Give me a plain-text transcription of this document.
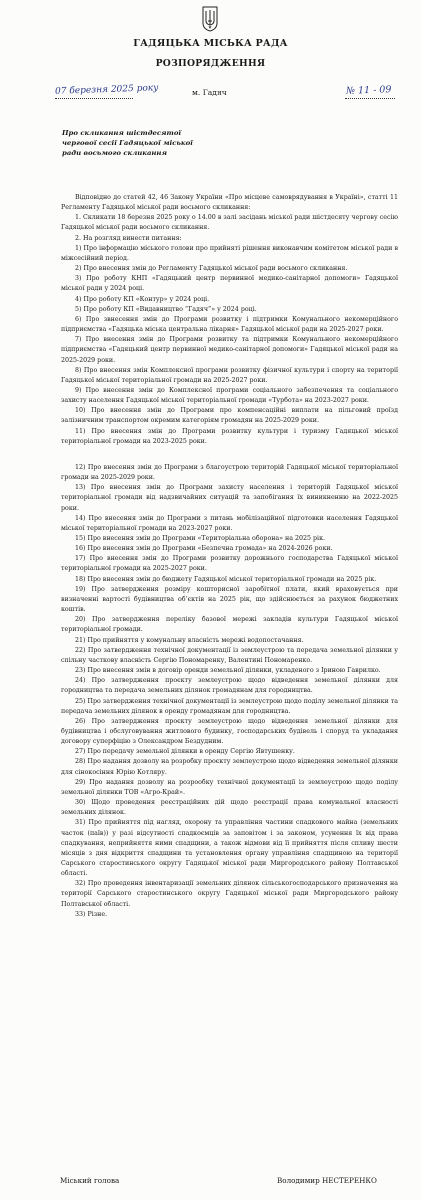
ГАДЯЦЬКА МІСЬКА РАДА
РОЗПОРЯДЖЕННЯ
07 березня 2025 року	м. Гадяч	№ 11 - 09
Про скликання шістдесятої
чергової сесії Гадяцької міської
ради восьмого скликання

Відповідно до статей 42, 46 Закону України «Про місцеве самоврядування в Україні», статті 11 Регламенту Гадяцької міської ради восьмого скликання:

1. Скликати 18 березня 2025 року о 14.00 в залі засідань міської ради шістдесяту чергову сесію Гадяцької міської ради восьмого скликання.

2. На розгляд винести питання:

1) Про інформацію міського голови про прийняті рішення виконавчим комітетом міської ради в міжсесійний період.

2) Про внесення змін до Регламенту Гадяцької міської ради восьмого скликання.

3) Про роботу КНП «Гадяцький центр первинної медико-санітарної допомоги» Гадяцької міської ради у 2024 році.

4) Про роботу КП «Контур» у 2024 році.

5) Про роботу КП «Видавництво “Гадяч”» у 2024 році.

6) Про звнесення змін до Програми розвитку і підтримки Комунального некомерційного підприємства «Гадяцька міська центральна лікарня» Гадяцької міської ради на 2025-2027 роки.

7) Про внесення змін до Програми розвитку та підтримки Комунального некомерційного підприємства «Гадяцький центр первинної медико-санітарної допомоги» Гадяцької міської ради на 2025-2029 роки.

8) Про внесення змін Комплексної програми розвитку фізичної культури і спорту на території Гадяцької міської територіальної громади на 2025-2027 роки.

9) Про внесення змін до Комплексної програми соціального забезпечення та соціального захисту населення Гадяцької міської територіальної громади «Турбота» на 2023-2027 роки.

10) Про внесення змін до Програми про компенсаційні виплати на пільговий проїзд залізничним транспортом окремим категоріям громадян на 2025-2029 роки.

11) Про внесення змін до Програми розвитку культури і туризму Гадяцької міської територіальної громади на 2023-2025 роки.

12) Про внесення змін до Програми з благоустрою територій Гадяцької міської територіальної громади на 2025-2029 роки.

13) Про внесення змін до Програми захисту населення і територій Гадяцької міської територіальної громади від надзвичайних ситуацій та запобігання їх виникненню на 2022-2025 роки.

14) Про внесення змін до Програми з питань мобілізаційної підготовки населення Гадяцької міської територіальної громади на 2023-2027 роки.

15) Про внесення змін до Програми «Територіальна оборона» на 2025 рік.

16) Про внесення змін до Програми «Безпечна громада» на 2024-2026 роки.

17) Про внесення змін до Програми розвитку дорожнього господарства Гадяцької міської територіальної громади на 2025-2027 роки.

18) Про внесення змін до бюджету Гадяцької міської територіальної громади на 2025 рік.

19) Про затвердження розміру кошторисної заробітної плати, який враховується при визначенні вартості будівництва об’єктів на 2025 рік, що здійснюється за рахунок бюджетних коштів.

20) Про затвердження переліку базової мережі закладів культури Гадяцької міської територіальної громади.

21) Про прийняття у комунальну власність мережі водопостачання.

22) Про затвердження технічної документації із землеустрою та передача земельної ділянки у спільну часткову власність Сергію Пономаренку, Валентині Пономаренко.

23) Про внесення змін в договір оренди земельної ділянки, укладеного з Іриною Гаврилко.

24) Про затвердження проєкту землеустрою щодо відведення земельної ділянки для городництва та передача земельних ділянок громадянам для городництва.

25) Про затвердження технічної документації із землеустрою щодо поділу земельної ділянки та передача земельних ділянок в оренду громадянам для городництва.

26) Про затвердження проєкту землеустрою щодо відведення земельної ділянки для будівництва і обслуговування житлового будинку, господарських будівель і споруд та укладання договору суперфіцію з Олександром Бездудним.

27) Про передачу земельної ділянки в оренду Сергію Явтушенку.

28) Про надання дозволу на розробку проєкту землеустрою щодо відведення земельної ділянки для сінокосіння Юрію Котляру.

29) Про надання дозволу на розрообку технічної документації із землеустрою щодо поділу земельної ділянки ТОВ «Агро-Край».

30) Щодо проведення реєстраційних дій щодо реєстрації права комунальної власності земельних ділянок.

31) Про прийняття під нагляд, охорону та управління частини спадкового майна (земельних часток (паїв)) у разі відсутності спадкоємців за заповітом і за законом, усунення їх від права спадкування, неприйняття ними спадщини, а також відмови від її прийняття після спливу шести місяців з дня відкриття спадщини та установлення органу управління спадщиною на території Сарського старостинського округу Гадяцької міської ради Миргородського району Полтавської області.

32) Про проведення інвентаризації земельних ділянок сільськогосподарського призначення на території Сарського старостинського округу Гадяцької міської ради Миргородського району Полтавської області.

33) Різне.

Міський голова	Володимир НЕСТЕРЕНКО
